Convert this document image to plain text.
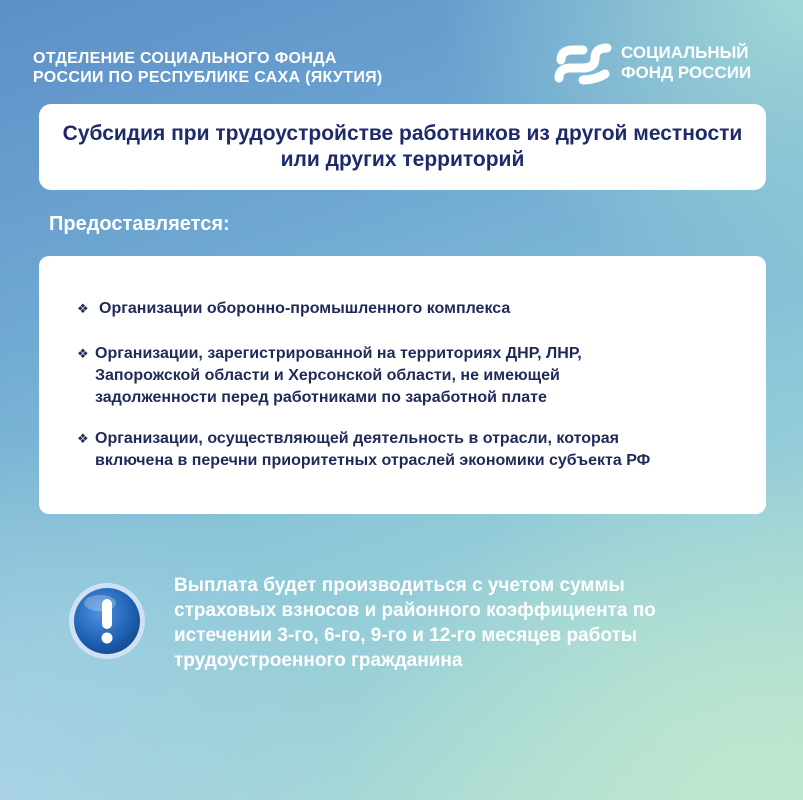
ОТДЕЛЕНИЕ СОЦИАЛЬНОГО ФОНДА
РОССИИ ПО РЕСПУБЛИКЕ САХА (ЯКУТИЯ)
СОЦИАЛЬНЫЙ
ФОНД РОССИИ
Субсидия при трудоустройстве работников из другой местности
или других территорий
Предоставляется:
❖ Организации оборонно-промышленного комплекса
❖ Организации, зарегистрированной на территориях ДНР, ЛНР,
Запорожской области и Херсонской области, не имеющей
задолженности перед работниками по заработной плате
❖ Организации, осуществляющей деятельность в отрасли, которая
включена в перечни приоритетных отраслей экономики субъекта РФ
Выплата будет производиться с учетом суммы
страховых взносов и районного коэффициента по
истечении 3-го, 6-го, 9-го и 12-го месяцев работы
трудоустроенного гражданина
